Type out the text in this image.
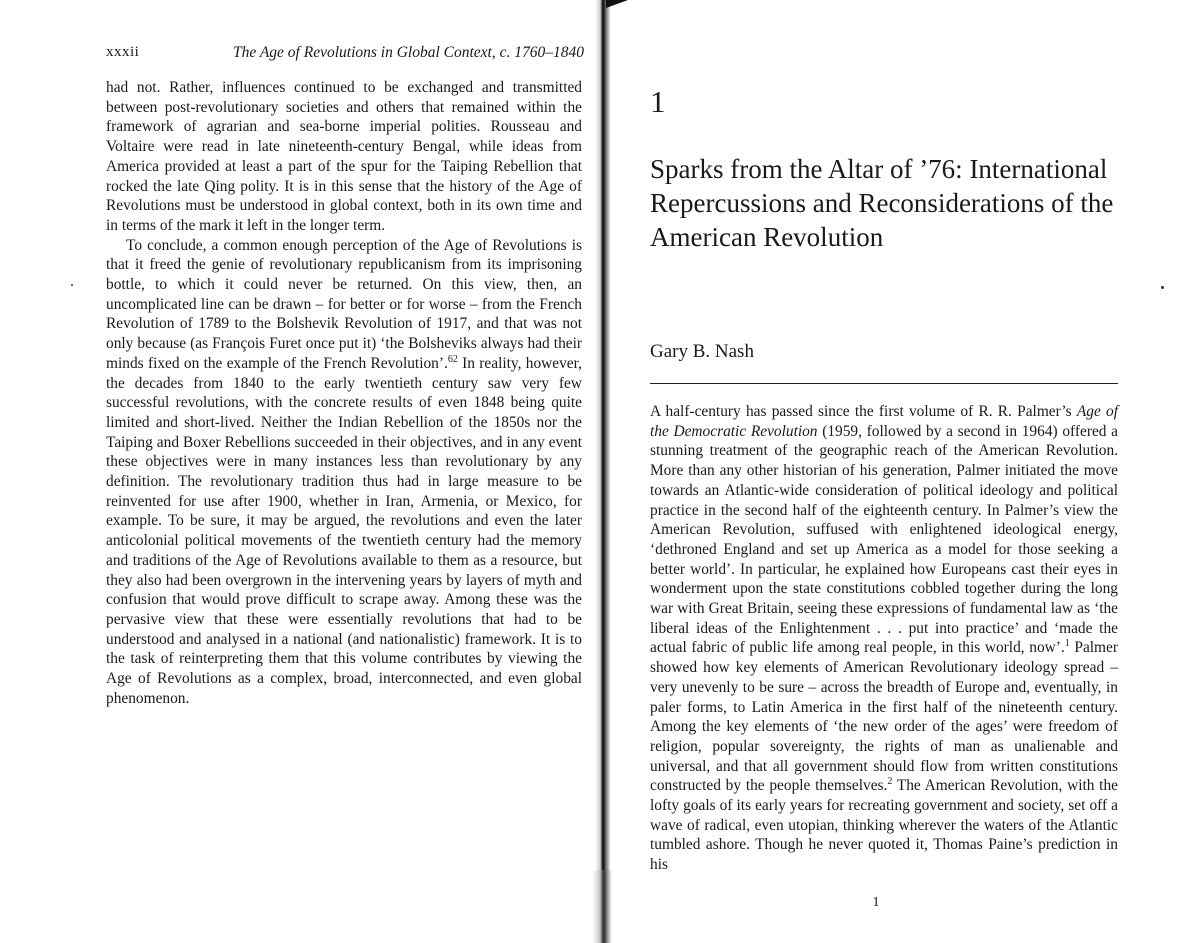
xxxii	The Age of Revolutions in Global Context, c. 1760–1840

had not. Rather, influences continued to be exchanged and transmitted between post-revolutionary societies and others that remained within the framework of agrarian and sea-borne imperial polities. Rousseau and Voltaire were read in late nineteenth-century Bengal, while ideas from America provided at least a part of the spur for the Taiping Rebellion that rocked the late Qing polity. It is in this sense that the history of the Age of Revolutions must be understood in global context, both in its own time and in terms of the mark it left in the longer term.

To conclude, a common enough perception of the Age of Revolutions is that it freed the genie of revolutionary republicanism from its imprisoning bottle, to which it could never be returned. On this view, then, an uncomplicated line can be drawn – for better or for worse – from the French Revolution of 1789 to the Bolshevik Revolution of 1917, and that was not only because (as François Furet once put it) ‘the Bolsheviks always had their minds fixed on the example of the French Revolution’.$^{62}$ In reality, however, the decades from 1840 to the early twentieth century saw very few successful revolutions, with the concrete results of even 1848 being quite limited and short-lived. Neither the Indian Rebellion of the 1850s nor the Taiping and Boxer Rebellions succeeded in their objectives, and in any event these objectives were in many instances less than revolutionary by any definition. The revolutionary tradition thus had in large measure to be reinvented for use after 1900, whether in Iran, Armenia, or Mexico, for example. To be sure, it may be argued, the revolutions and even the later anticolonial political movements of the twentieth century had the memory and traditions of the Age of Revolutions available to them as a resource, but they also had been overgrown in the intervening years by layers of myth and confusion that would prove difficult to scrape away. Among these was the pervasive view that these were essentially revolutions that had to be understood and analysed in a national (and nationalistic) framework. It is to the task of reinterpreting them that this volume contributes by viewing the Age of Revolutions as a complex, broad, interconnected, and even global phenomenon.

1
Sparks from the Altar of ’76: International Repercussions and Reconsiderations of the American Revolution
Gary B. Nash

A half-century has passed since the first volume of R. R. Palmer’s Age of the Democratic Revolution (1959, followed by a second in 1964) offered a stunning treatment of the geographic reach of the American Revolution. More than any other historian of his generation, Palmer initiated the move towards an Atlantic-wide consideration of political ideology and political practice in the second half of the eighteenth century. In Palmer’s view the American Revolution, suffused with enlightened ideological energy, ‘dethroned England and set up America as a model for those seeking a better world’. In particular, he explained how Europeans cast their eyes in wonderment upon the state constitutions cobbled together during the long war with Great Britain, seeing these expressions of fundamental law as ‘the liberal ideas of the Enlightenment . . . put into practice’ and ‘made the actual fabric of public life among real people, in this world, now’.$^1$ Palmer showed how key elements of American Revolutionary ideology spread – very unevenly to be sure – across the breadth of Europe and, eventually, in paler forms, to Latin America in the first half of the nineteenth century. Among the key elements of ‘the new order of the ages’ were freedom of religion, popular sovereignty, the rights of man as unalienable and universal, and that all government should flow from written constitutions constructed by the people themselves.$^2$ The American Revolution, with the lofty goals of its early years for recreating government and society, set off a wave of radical, even utopian, thinking wherever the waters of the Atlantic tumbled ashore. Though he never quoted it, Thomas Paine’s prediction in his

1
